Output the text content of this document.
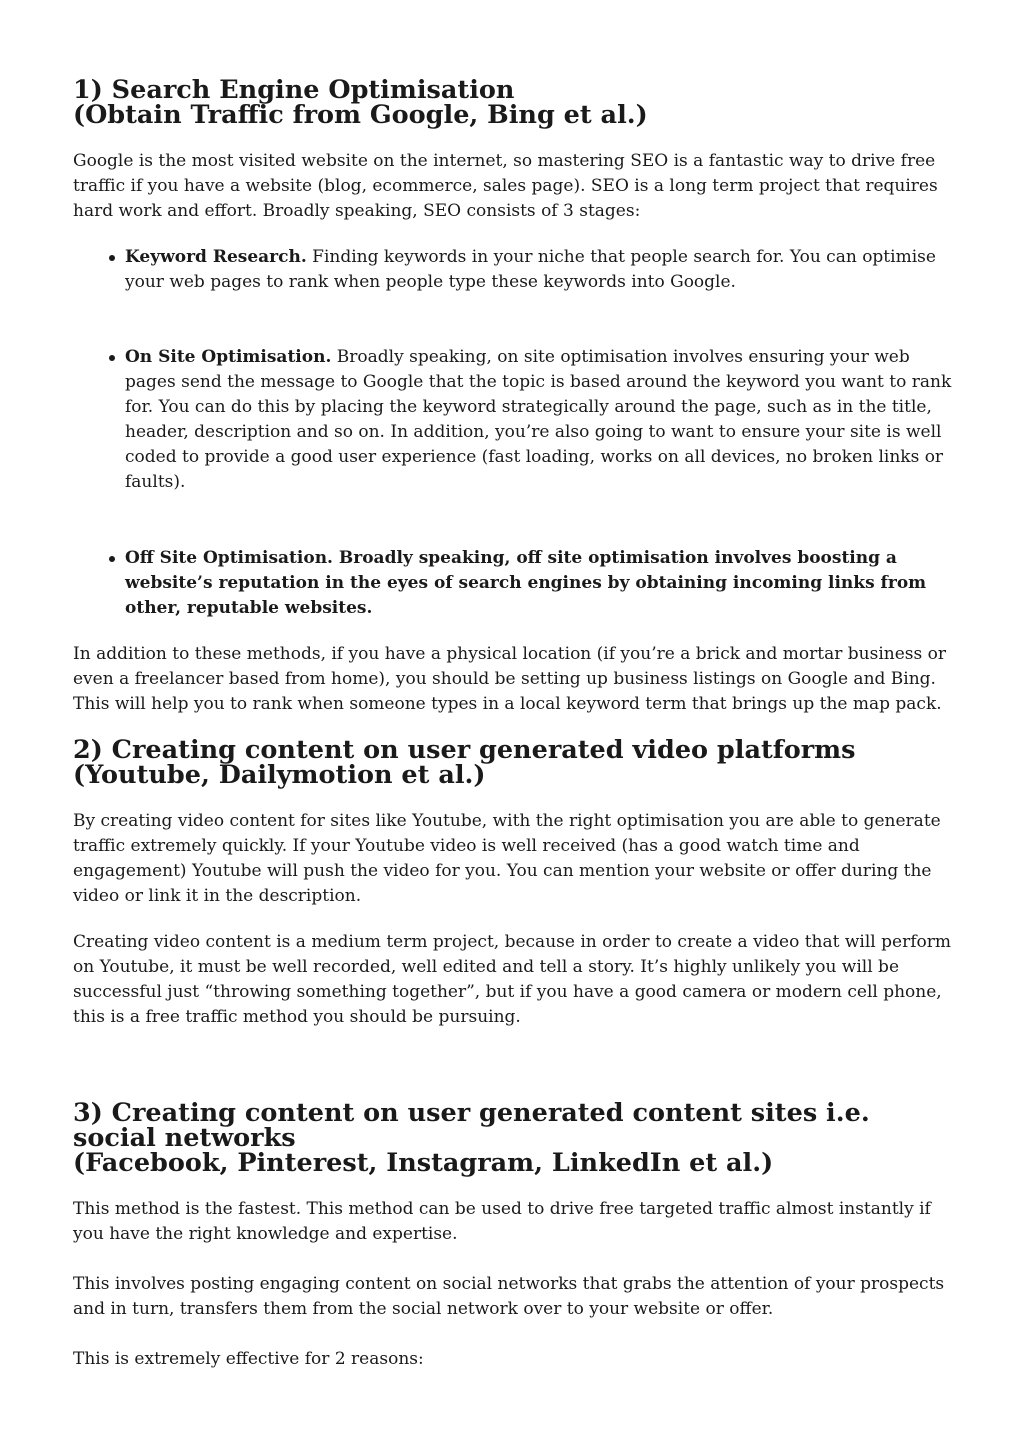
1) Search Engine Optimisation
(Obtain Traffic from Google, Bing et al.)

Google is the most visited website on the internet, so mastering SEO is a fantastic way to drive free traffic if you have a website (blog, ecommerce, sales page). SEO is a long term project that requires hard work and effort. Broadly speaking, SEO consists of 3 stages:

Keyword Research. Finding keywords in your niche that people search for. You can optimise your web pages to rank when people type these keywords into Google.
On Site Optimisation. Broadly speaking, on site optimisation involves ensuring your web pages send the message to Google that the topic is based around the keyword you want to rank for. You can do this by placing the keyword strategically around the page, such as in the title, header, description and so on. In addition, you’re also going to want to ensure your site is well coded to provide a good user experience (fast loading, works on all devices, no broken links or faults).
Off Site Optimisation. Broadly speaking, off site optimisation involves boosting a website’s reputation in the eyes of search engines by obtaining incoming links from other, reputable websites.

In addition to these methods, if you have a physical location (if you’re a brick and mortar business or even a freelancer based from home), you should be setting up business listings on Google and Bing. This will help you to rank when someone types in a local keyword term that brings up the map pack.

2) Creating content on user generated video platforms
(Youtube, Dailymotion et al.)

By creating video content for sites like Youtube, with the right optimisation you are able to generate traffic extremely quickly. If your Youtube video is well received (has a good watch time and engagement) Youtube will push the video for you. You can mention your website or offer during the video or link it in the description.

Creating video content is a medium term project, because in order to create a video that will perform on Youtube, it must be well recorded, well edited and tell a story. It’s highly unlikely you will be successful just “throwing something together”, but if you have a good camera or modern cell phone, this is a free traffic method you should be pursuing.

3) Creating content on user generated content sites i.e. social networks
(Facebook, Pinterest, Instagram, LinkedIn et al.)

This method is the fastest. This method can be used to drive free targeted traffic almost instantly if you have the right knowledge and expertise.

This involves posting engaging content on social networks that grabs the attention of your prospects and in turn, transfers them from the social network over to your website or offer.

This is extremely effective for 2 reasons:
